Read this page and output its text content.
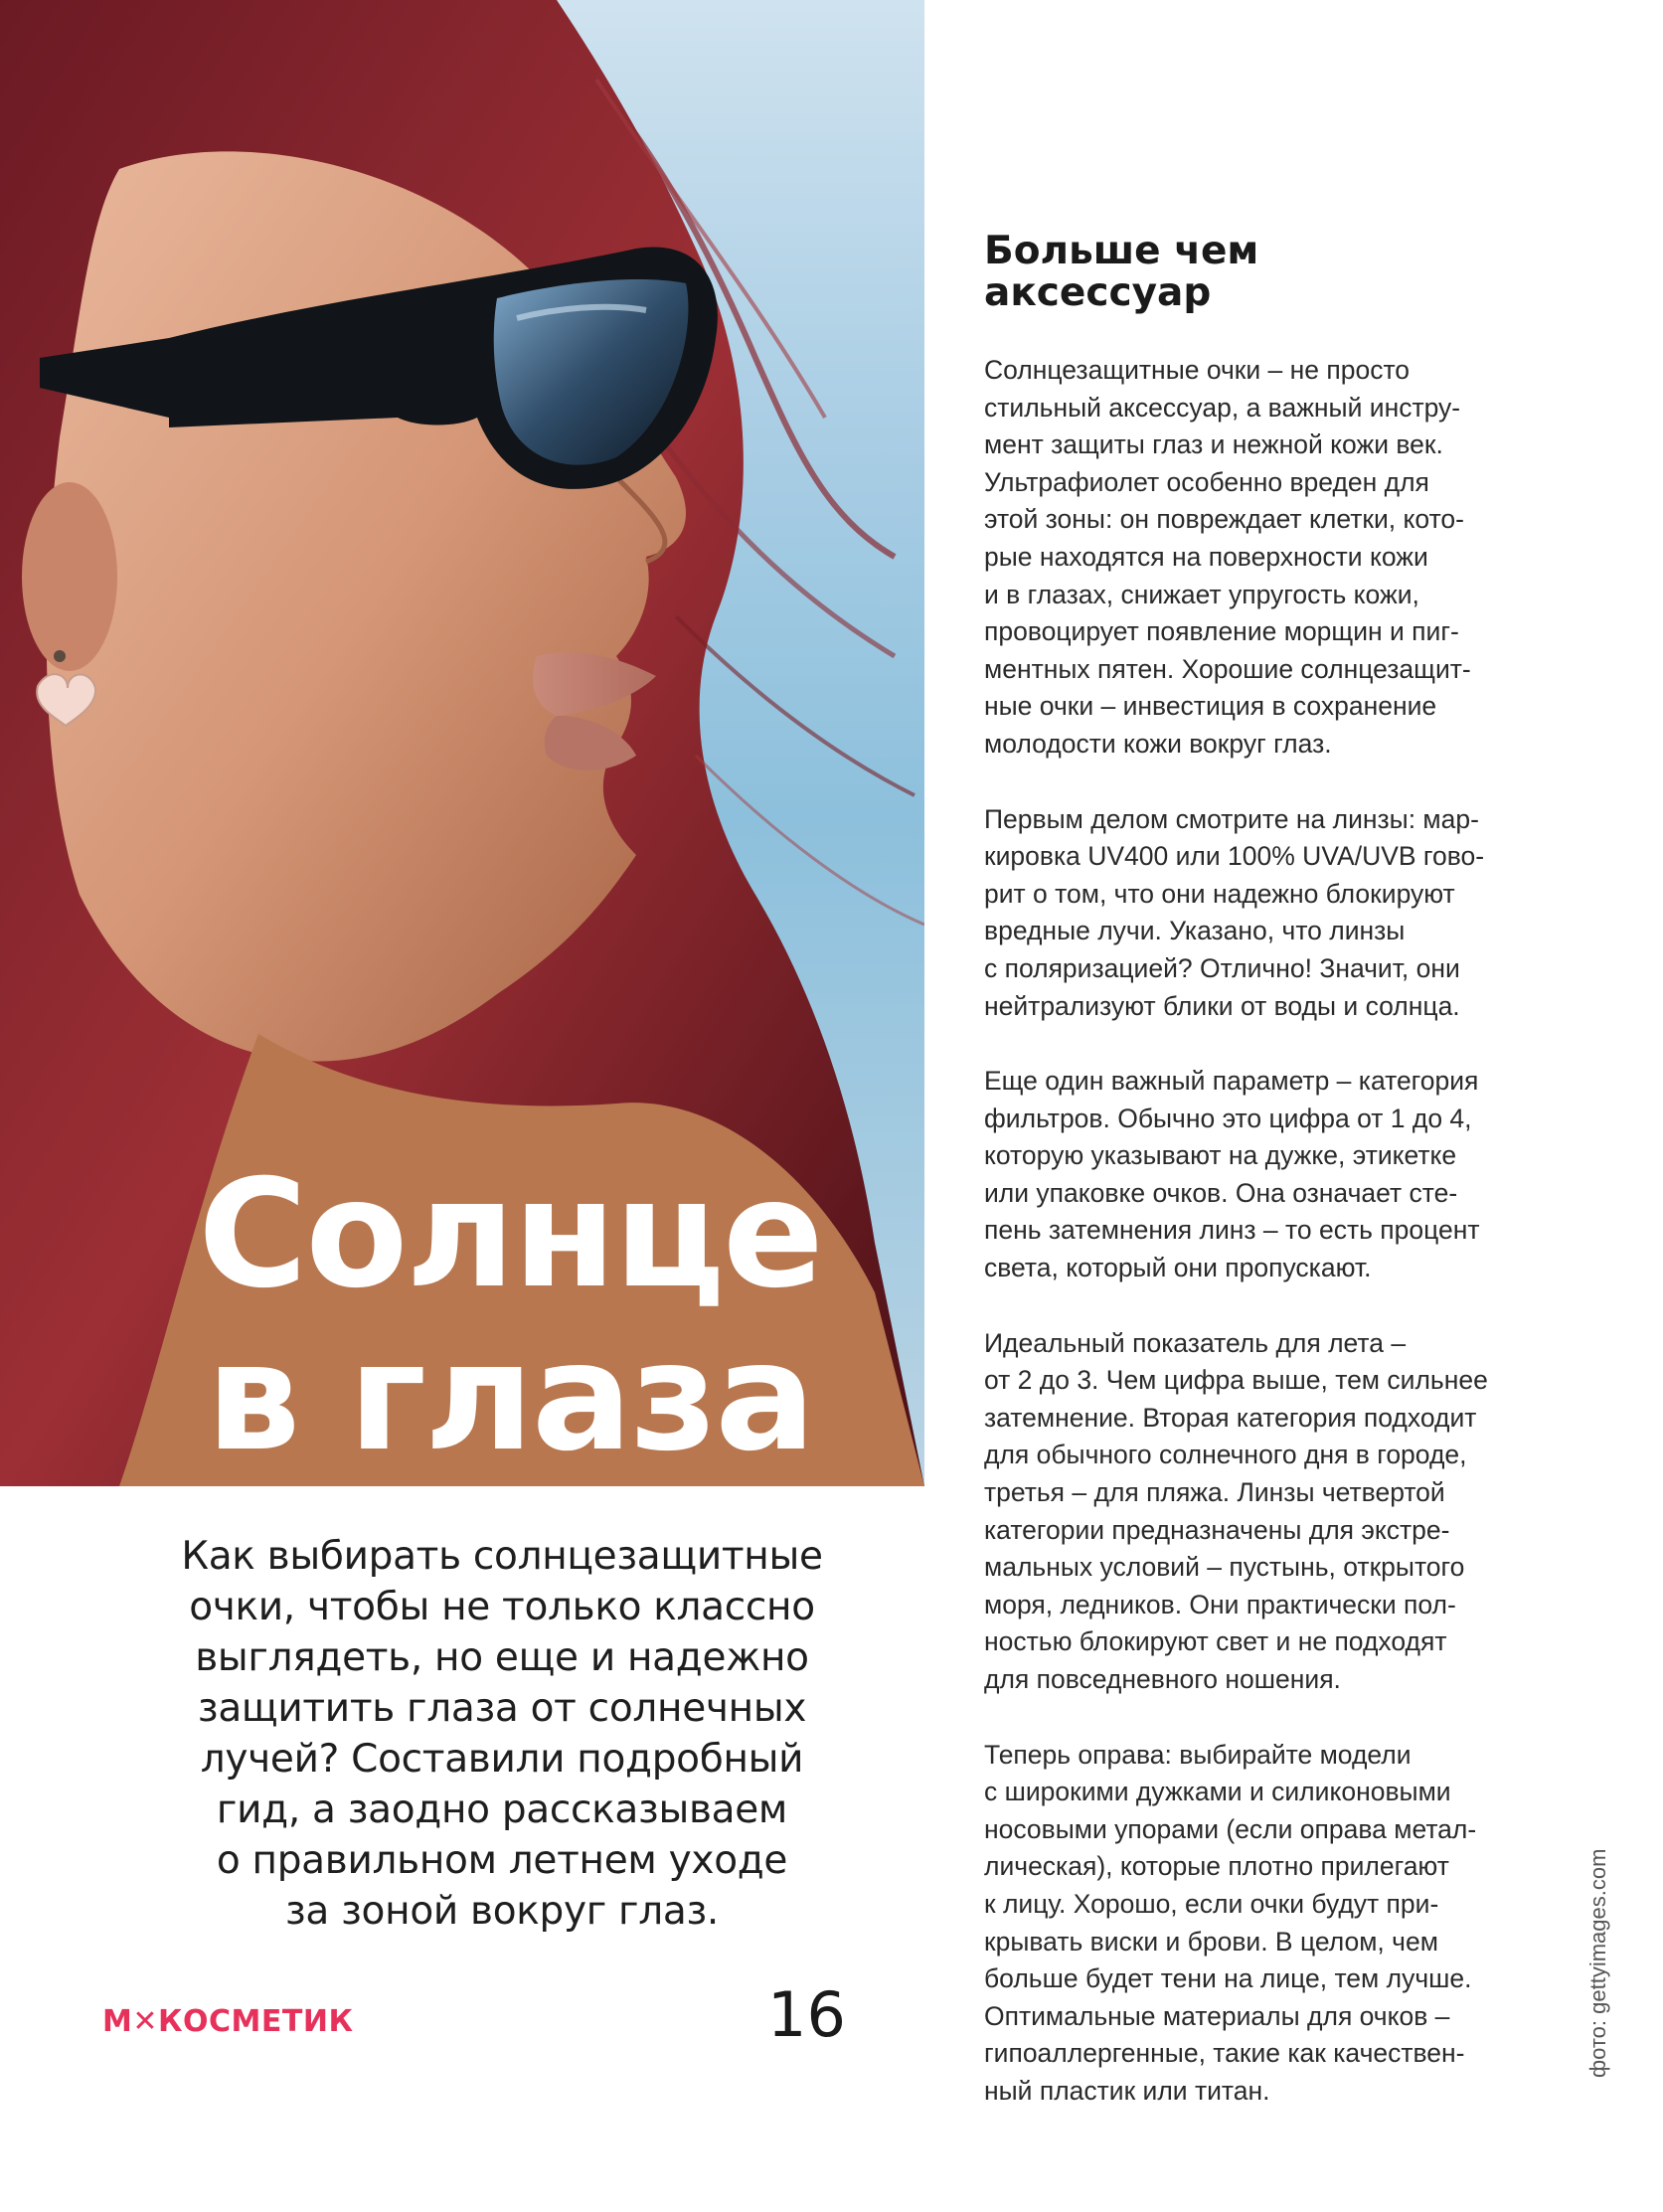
Солнце
в глаза

Как выбирать солнцезащитные
очки, чтобы не только классно
выглядеть, но еще и надежно
защитить глаза от солнечных
лучей? Составили подробный
гид, а заодно рассказываем
о правильном летнем уходе
за зоной вокруг глаз.

М✕КОСМЕТИК	16
Больше чем
аксессуар
Солнцезащитные очки – не просто
стильный аксессуар, а важный инстру-
мент защиты глаз и нежной кожи век.
Ультрафиолет особенно вреден для
этой зоны: он повреждает клетки, кото-
рые находятся на поверхности кожи
и в глазах, снижает упругость кожи,
провоцирует появление морщин и пиг-
ментных пятен. Хорошие солнцезащит-
ные очки – инвестиция в сохранение
молодости кожи вокруг глаз.
Первым делом смотрите на линзы: мар-
кировка UV400 или 100% UVA/UVB гово-
рит о том, что они надежно блокируют
вредные лучи. Указано, что линзы
с поляризацией? Отлично! Значит, они
нейтрализуют блики от воды и солнца.
Еще один важный параметр – категория
фильтров. Обычно это цифра от 1 до 4,
которую указывают на дужке, этикетке
или упаковке очков. Она означает сте-
пень затемнения линз – то есть процент
света, который они пропускают.
Идеальный показатель для лета –
от 2 до 3. Чем цифра выше, тем сильнее
затемнение. Вторая категория подходит
для обычного солнечного дня в городе,
третья – для пляжа. Линзы четвертой
категории предназначены для экстре-
мальных условий – пустынь, открытого
моря, ледников. Они практически пол-
ностью блокируют свет и не подходят
для повседневного ношения.
Теперь оправа: выбирайте модели
с широкими дужками и силиконовыми
носовыми упорами (если оправа метал-
лическая), которые плотно прилегают
к лицу. Хорошо, если очки будут при-
крывать виски и брови. В целом, чем
больше будет тени на лице, тем лучше.
Оптимальные материалы для очков –
гипоаллергенные, такие как качествен-
ный пластик или титан.
фото: gettyimages.com
